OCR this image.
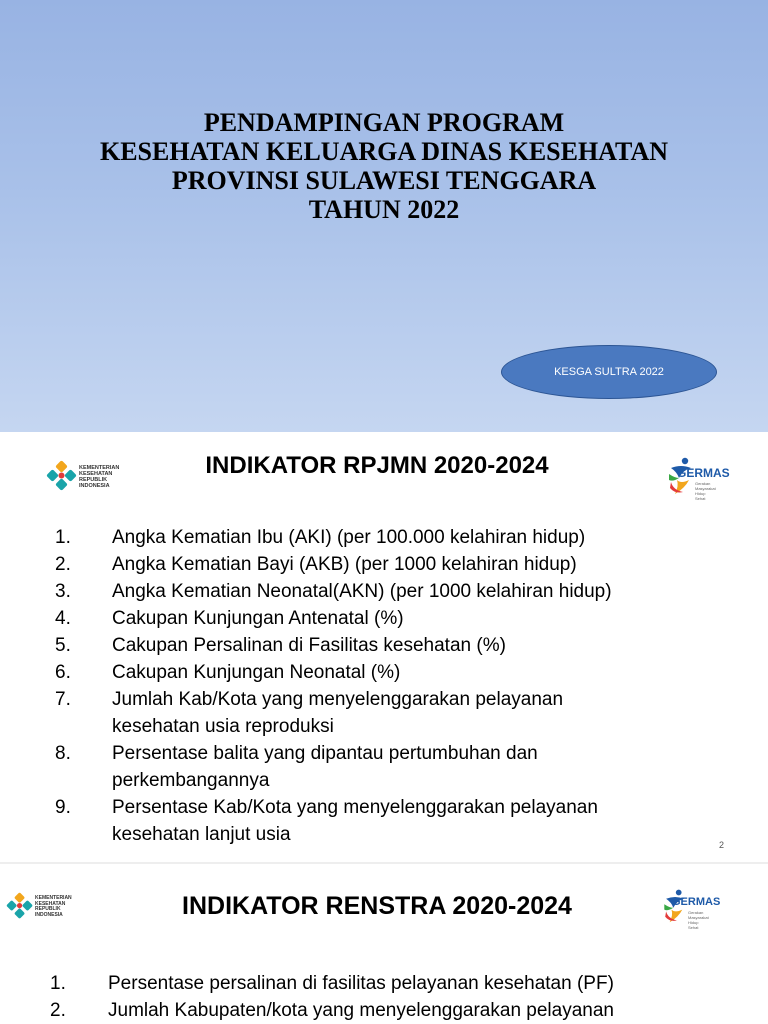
PENDAMPINGAN PROGRAM
KESEHATAN KELUARGA DINAS KESEHATAN
PROVINSI SULAWESI TENGGARA
TAHUN 2022
KESGA SULTRA 2022
KEMENTERIAN
KESEHATAN
REPUBLIK
INDONESIA
INDIKATOR RPJMN 2020-2024	GERMAS
Gerakan Masyarakat
Hidup Sehat
1. Angka Kematian Ibu (AKI) (per 100.000 kelahiran hidup)
2. Angka Kematian Bayi (AKB) (per 1000 kelahiran hidup)
3. Angka Kematian Neonatal(AKN) (per 1000 kelahiran hidup)
4. Cakupan Kunjungan Antenatal (%)
5. Cakupan Persalinan di Fasilitas kesehatan (%)
6. Cakupan Kunjungan Neonatal (%)
7. Jumlah Kab/Kota yang menyelenggarakan pelayanan
kesehatan usia reproduksi
8. Persentase balita yang dipantau pertumbuhan dan
perkembangannya
9. Persentase Kab/Kota yang menyelenggarakan pelayanan
kesehatan lanjut usia	2
KEMENTERIAN
KESEHATAN
REPUBLIK
INDONESIA	INDIKATOR RENSTRA 2020-2024	GERMAS
Gerakan Masyarakat
Hidup Sehat
1. Persentase persalinan di fasilitas pelayanan kesehatan (PF)
2. Jumlah Kabupaten/kota yang menyelenggarakan pelayanan
